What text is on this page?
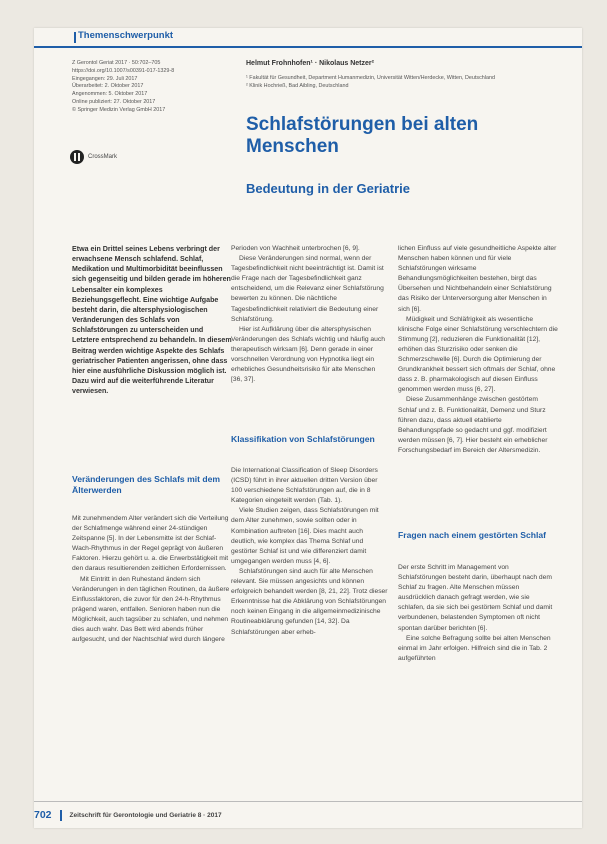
Themenschwerpunkt
Z Gerontol Geriat 2017 · 50:702–705
https://doi.org/10.1007/s00391-017-1329-8
Eingegangen: 29. Juli 2017
Überarbeitet: 2. Oktober 2017
Angenommen: 5. Oktober 2017
Online publiziert: 27. Oktober 2017
© Springer Medizin Verlag GmbH 2017
CrossMark
Helmut Frohnhofen¹ · Nikolaus Netzer²
¹ Fakultät für Gesundheit, Department Humanmedizin, Universität Witten/Herdecke, Witten, Deutschland
² Klinik Hochrieß, Bad Aibling, Deutschland
Schlafstörungen bei alten Menschen
Bedeutung in der Geriatrie
Etwa ein Drittel seines Lebens verbringt der erwachsene Mensch schlafend. Schlaf, Medikation und Multimorbidität beeinflussen sich gegenseitig und bilden gerade im höheren Lebensalter ein komplexes Beziehungsgeflecht. Eine wichtige Aufgabe besteht darin, die altersphysiologischen Veränderungen des Schlafs von Schlafstörungen zu unterscheiden und Letztere entsprechend zu behandeln. In diesem Beitrag werden wichtige Aspekte des Schlafs geriatrischer Patienten angerissen, ohne dass hier eine ausführliche Diskussion möglich ist. Dazu wird auf die weiterführende Literatur verwiesen.
Veränderungen des Schlafs mit dem Älterwerden

Mit zunehmendem Alter verändert sich die Verteilung der Schlafmenge während einer 24-stündigen Zeitspanne [5]. In der Lebensmitte ist der Schlaf-Wach-Rhythmus in der Regel geprägt von äußeren Faktoren. Hierzu gehört u. a. die Erwerbstätigkeit mit den daraus resultierenden zeitlichen Erfordernissen.

Mit Eintritt in den Ruhestand ändern sich Veränderungen in den täglichen Routinen, da äußere Einflussfaktoren, die zuvor für den 24-h-Rhythmus prägend waren, entfallen. Senioren haben nun die Möglichkeit, auch tagsüber zu schlafen, und nehmen dies auch wahr. Das Bett wird abends früher aufgesucht, und der Nachtschlaf wird durch längere

Perioden von Wachheit unterbrochen [6, 9].

Diese Veränderungen sind normal, wenn der Tagesbefindlichkeit nicht beeinträchtigt ist. Damit ist die Frage nach der Tagesbefindlichkeit ganz entscheidend, um die Relevanz einer Schlafstörung bewerten zu können. Die nächtliche Tagesbefindlichkeit relativiert die Bedeutung einer Schlafstörung.

Hier ist Aufklärung über die altersphysischen Veränderungen des Schlafs wichtig und häufig auch therapeutisch wirksam [6]. Denn gerade in einer vorschnellen Verordnung von Hypnotika liegt ein erhebliches Gesundheitsrisiko für alte Menschen [36, 37].

Klassifikation von Schlafstörungen

Die International Classification of Sleep Disorders (ICSD) führt in ihrer aktuellen dritten Version über 100 verschiedene Schlafstörungen auf, die in 8 Kategorien eingeteilt werden (Tab. 1).

Viele Studien zeigen, dass Schlafstörungen mit dem Alter zunehmen, sowie sollten oder in Kombination auftreten [16]. Dies macht auch deutlich, wie komplex das Thema Schlaf und gestörter Schlaf ist und wie differenziert damit umgegangen werden muss [4, 6].

Schlafstörungen sind auch für alte Menschen relevant. Sie müssen angesichts und können erfolgreich behandelt werden [8, 21, 22]. Trotz dieser Erkenntnisse hat die Abklärung von Schlafstörungen noch keinen Eingang in die allgemeinmedizinische Routineabklärung gefunden [14, 32]. Da Schlafstörungen aber erheb-

lichen Einfluss auf viele gesundheitliche Aspekte alter Menschen haben können und für viele Schlafstörungen wirksame Behandlungsmöglichkeiten bestehen, birgt das Übersehen und Nichtbehandeln einer Schlafstörung das Risiko der Unterversorgung alter Menschen in sich [6].

Müdigkeit und Schläfrigkeit als wesentliche klinische Folge einer Schlafstörung verschlechtern die Stimmung [2], reduzieren die Funktionalität [12], erhöhen das Sturzrisiko oder senken die Schmerzschwelle [6]. Durch die Optimierung der Grundkrankheit bessert sich oftmals der Schlaf, ohne dass z. B. pharmakologisch auf diesen Einfluss genommen werden muss [6, 27].

Diese Zusammenhänge zwischen gestörtem Schlaf und z. B. Funktionalität, Demenz und Sturz führen dazu, dass aktuell etablierte Behandlungspfade so gedacht und ggf. modifiziert werden müssen [6, 7]. Hier besteht ein erheblicher Forschungsbedarf im Bereich der Altersmedizin.

Fragen nach einem gestörten Schlaf

Der erste Schritt im Management von Schlafstörungen besteht darin, überhaupt nach dem Schlaf zu fragen. Alte Menschen müssen ausdrücklich danach gefragt werden, wie sie schlafen, da sie sich bei gestörtem Schlaf und damit verbundenen, belastenden Symptomen oft nicht spontan darüber berichten [6].

Eine solche Befragung sollte bei alten Menschen einmal im Jahr erfolgen. Hilfreich sind die in Tab. 2 aufgeführten

702	Zeitschrift für Gerontologie und Geriatrie 8 · 2017
